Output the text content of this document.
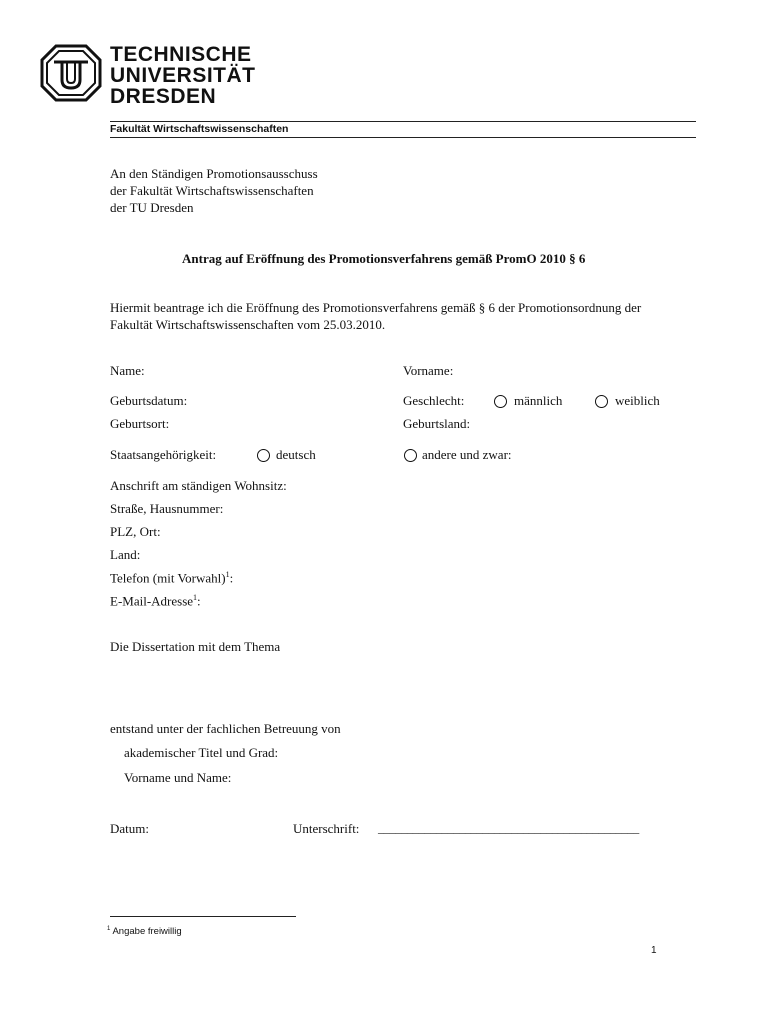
TECHNISCHE
UNIVERSITÄT
DRESDEN
Fakultät Wirtschaftswissenschaften
An den Ständigen Promotionsausschuss
der Fakultät Wirtschaftswissenschaften
der TU Dresden
Antrag auf Eröffnung des Promotionsverfahrens gemäß PromO 2010 § 6
Hiermit beantrage ich die Eröffnung des Promotionsverfahrens gemäß § 6 der Promotionsordnung der
Fakultät Wirtschaftswissenschaften vom 25.03.2010.
Name:	Vorname:
Geburtsdatum:	Geschlecht:	männlich	weiblich
Geburtsort:	Geburtsland:
Staatsangehörigkeit:	deutsch	andere und zwar:
Anschrift am ständigen Wohnsitz:
Straße, Hausnummer:
PLZ, Ort:
Land:
Telefon (mit Vorwahl)$^1$:
E-Mail-Adresse$^1$:
Die Dissertation mit dem Thema
entstand unter der fachlichen Betreuung von
akademischer Titel und Grad:
Vorname und Name:
Datum:	Unterschrift: _____________________________________________
$^1$ Angabe freiwillig
1
